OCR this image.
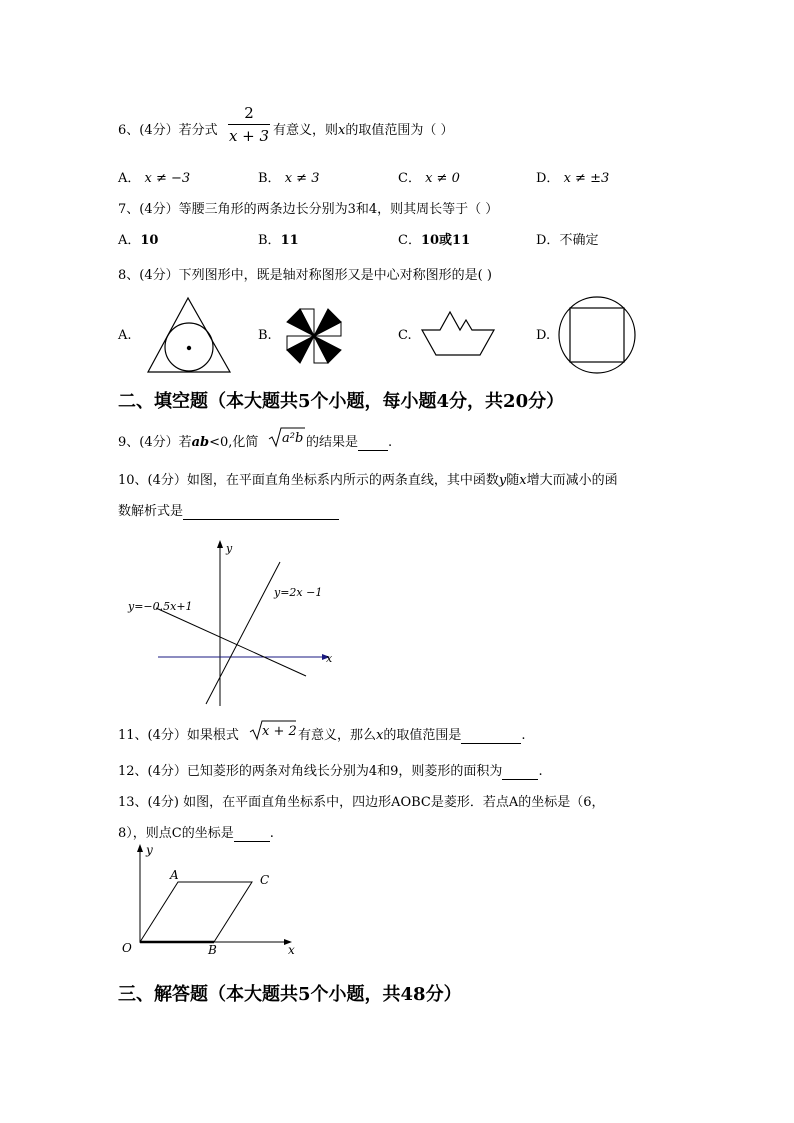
6、(4分）若分式
2
x + 3 有意义，则x的取值范围为（ ）
A． x ≠ −3	B． x ≠ 3	C． x ≠ 0	D． x ≠ ±3
7、(4分）等腰三角形的两条边长分别为3和4，则其周长等于（ ）
A．10	B．11	C．10或11	D．不确定
8、(4分）下列图形中，既是轴对称图形又是中心对称图形的是( )
A.	B.	C.	D.
二、填空题（本大题共5个小题，每小题4分，共20分）
9、(4分）若ab<0,化简 a²b 的结果是 .
10、(4分）如图，在平面直角坐标系内所示的两条直线，其中函数y随x增大而减小的函
数解析式是
y
x
y=−0.5x+1
y=2x −1
11、(4分）如果根式 x + 2 有意义，那么x的取值范围是	.
12、(4分）已知菱形的两条对角线长分别为4和9，则菱形的面积为	.
13、(4分) 如图，在平面直角坐标系中，四边形AOBC是菱形．若点A的坐标是（6，
8），则点C的坐标是	.
y
x
O
A	C
B
三、解答题（本大题共5个小题，共48分）
